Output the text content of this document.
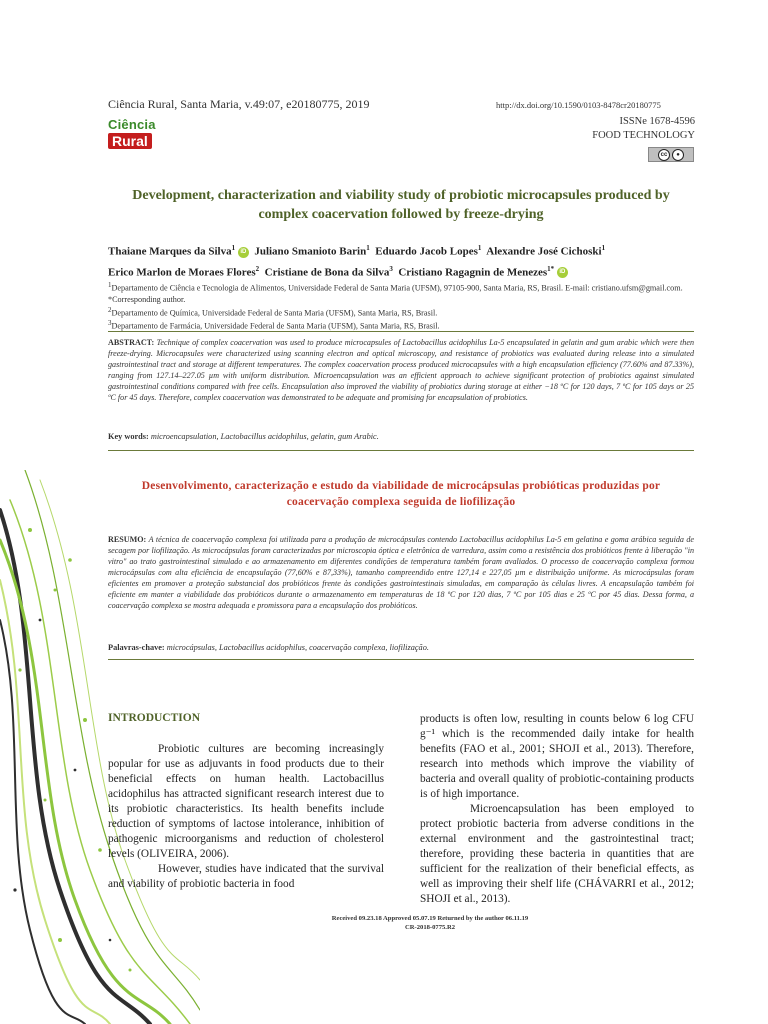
Ciência Rural, Santa Maria, v.49:07, e20180775, 2019	http://dx.doi.org/10.1590/0103-8478cr20180775
ISSNe 1678-4596
FOOD TECHNOLOGY
Ciência
Rural
cc	●
Development, characterization and viability study of probiotic microcapsules produced by complex coacervation followed by freeze-drying
Thaiane Marques da Silva$^1$ iD Juliano Smanioto Barin$^1$ Eduardo Jacob Lopes$^1$ Alexandre José Cichoski$^1$
Erico Marlon de Moraes Flores$^2$ Cristiane de Bona da Silva$^3$ Cristiano Ragagnin de Menezes$^{1*}$ iD
$^1$Departamento de Ciência e Tecnologia de Alimentos, Universidade Federal de Santa Maria (UFSM), 97105-900, Santa Maria, RS, Brasil. E-mail: cristiano.ufsm@gmail.com. *Corresponding author.
$^2$Departamento de Química, Universidade Federal de Santa Maria (UFSM), Santa Maria, RS, Brasil.
$^3$Departamento de Farmácia, Universidade Federal de Santa Maria (UFSM), Santa Maria, RS, Brasil.
ABSTRACT: Technique of complex coacervation was used to produce microcapsules of Lactobacillus acidophilus La-5 encapsulated in gelatin and gum arabic which were then freeze-drying. Microcapsules were characterized using scanning electron and optical microscopy, and resistance of probiotics was evaluated during release into a simulated gastrointestinal tract and storage at different temperatures. The complex coacervation process produced microcapsules with a high encapsulation efficiency (77.60% and 87.33%), ranging from 127.14–227.05 µm with uniform distribution. Microencapsulation was an efficient approach to achieve significant protection of probiotics against simulated gastrointestinal conditions compared with free cells. Encapsulation also improved the viability of probiotics during storage at either −18 ºC for 120 days, 7 ºC for 105 days or 25 ºC for 45 days. Therefore, complex coacervation was demonstrated to be adequate and promising for encapsulation of probiotics.
Key words: microencapsulation, Lactobacillus acidophilus, gelatin, gum Arabic.
Desenvolvimento, caracterização e estudo da viabilidade de microcápsulas probióticas produzidas por coacervação complexa seguida de liofilização
RESUMO: A técnica de coacervação complexa foi utilizada para a produção de microcápsulas contendo Lactobacillus acidophilus La-5 em gelatina e goma arábica seguida de secagem por liofilização. As microcápsulas foram caracterizadas por microscopia óptica e eletrônica de varredura, assim como a resistência dos probióticos frente à liberação "in vitro" ao trato gastrointestinal simulado e ao armazenamento em diferentes condições de temperatura também foram avaliados. O processo de coacervação complexa formou microcápsulas com alta eficiência de encapsulação (77,60% e 87,33%), tamanho compreendido entre 127,14 e 227,05 µm e distribuição uniforme. As microcápsulas foram eficientes em promover a proteção substancial dos probióticos frente às condições gastrointestinais simuladas, em comparação às células livres. A encapsulação também foi eficiente em manter a viabilidade dos probióticos durante o armazenamento em temperaturas de 18 ºC por 120 dias, 7 ºC por 105 dias e 25 ºC por 45 dias. Dessa forma, a coacervação complexa se mostra adequada e promissora para a encapsulação dos probióticos.
Palavras-chave: microcápsulas, Lactobacillus acidophilus, coacervação complexa, liofilização.
INTRODUCTION

Probiotic cultures are becoming increasingly popular for use as adjuvants in food products due to their beneficial effects on human health. Lactobacillus acidophilus has attracted significant research interest due to its probiotic characteristics. Its health benefits include reduction of symptoms of lactose intolerance, inhibition of pathogenic microorganisms and reduction of cholesterol levels (OLIVEIRA, 2006).

However, studies have indicated that the survival and viability of probiotic bacteria in food

products is often low, resulting in counts below 6 log CFU g⁻¹ which is the recommended daily intake for health benefits (FAO et al., 2001; SHOJI et al., 2013). Therefore, research into methods which improve the viability of bacteria and overall quality of probiotic-containing products is of high importance.

Microencapsulation has been employed to protect probiotic bacteria from adverse conditions in the external environment and the gastrointestinal tract; therefore, providing these bacteria in quantities that are sufficient for the realization of their beneficial effects, as well as improving their shelf life (CHÁVARRI et al., 2012; SHOJI et al., 2013).

Received 09.23.18 Approved 05.07.19 Returned by the author 06.11.19
CR-2018-0775.R2
